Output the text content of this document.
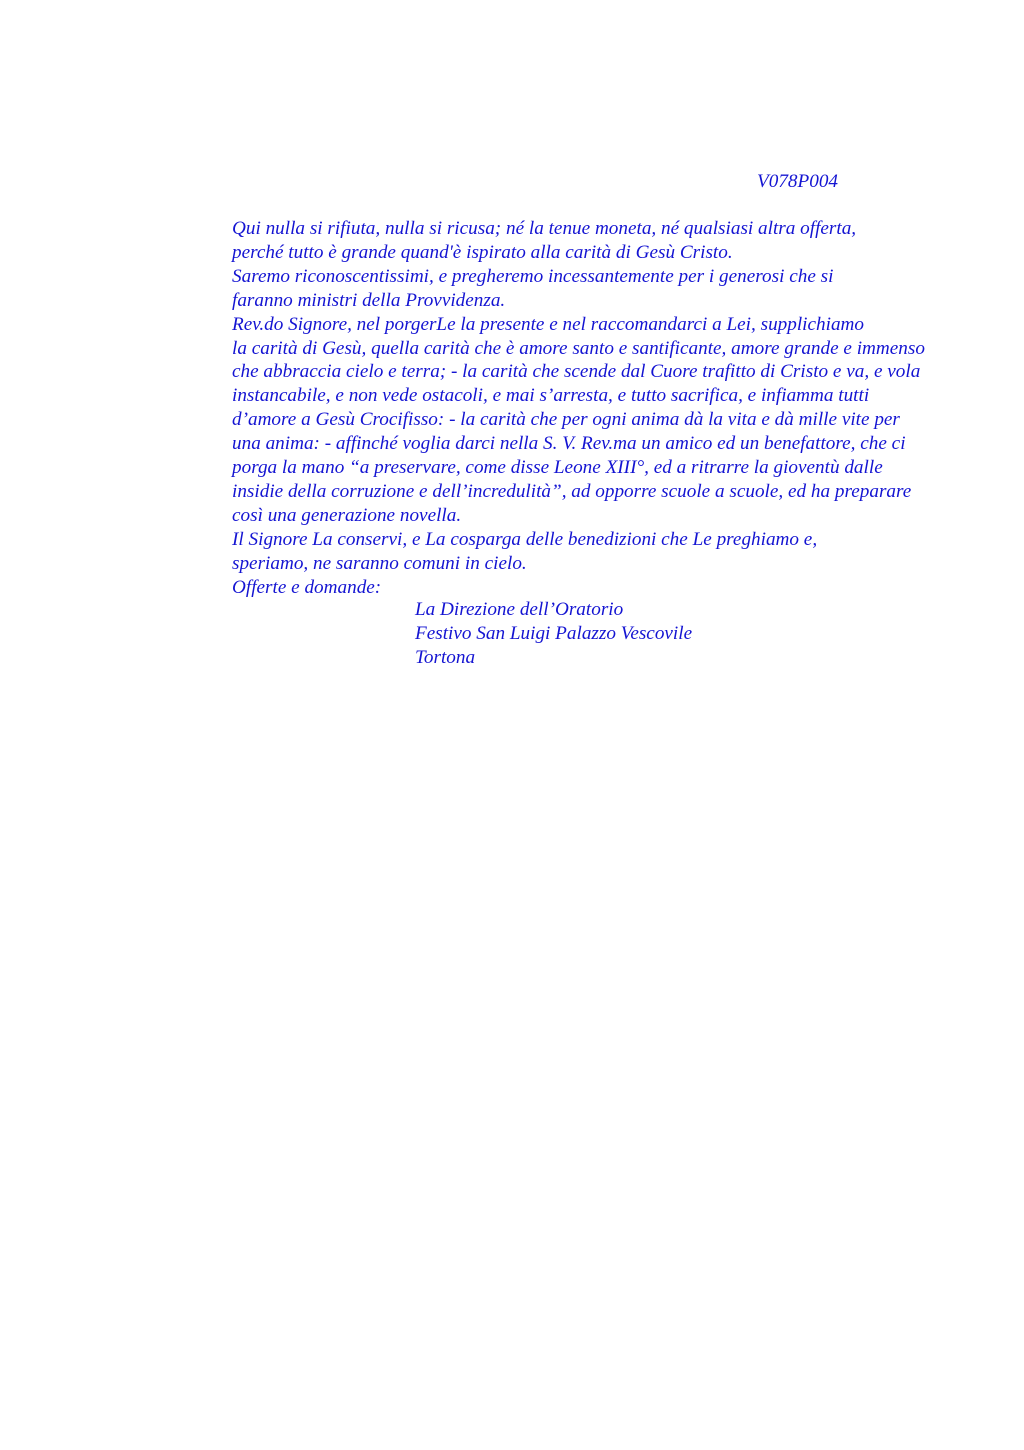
V078P004

Qui nulla si rifiuta, nulla si ricusa; né la tenue moneta, né qualsiasi altra offerta,
perché tutto è grande quand'è ispirato alla carità di Gesù Cristo.

Saremo riconoscentissimi, e pregheremo incessantemente per i generosi che si
faranno ministri della Provvidenza.

Rev.do Signore, nel porgerLe la presente e nel raccomandarci a Lei, supplichiamo
la carità di Gesù, quella carità che è amore santo e santificante, amore grande e immenso
che abbraccia cielo e terra; - la carità che scende dal Cuore trafitto di Cristo e va, e vola
instancabile, e non vede ostacoli, e mai s’arresta, e tutto sacrifica, e infiamma tutti
d’amore a Gesù Crocifisso: - la carità che per ogni anima dà la vita e dà mille vite per
una anima: - affinché voglia darci nella S. V. Rev.ma un amico ed un benefattore, che ci
porga la mano “a preservare, come disse Leone XIII°, ed a ritrarre la gioventù dalle
insidie della corruzione e dell’incredulità”, ad opporre scuole a scuole, ed ha preparare
così una generazione novella.

Il Signore La conservi, e La cosparga delle benedizioni che Le preghiamo e,
speriamo, ne saranno comuni in cielo.

Offerte e domande:

La Direzione dell’Oratorio
Festivo San Luigi Palazzo Vescovile
Tortona
